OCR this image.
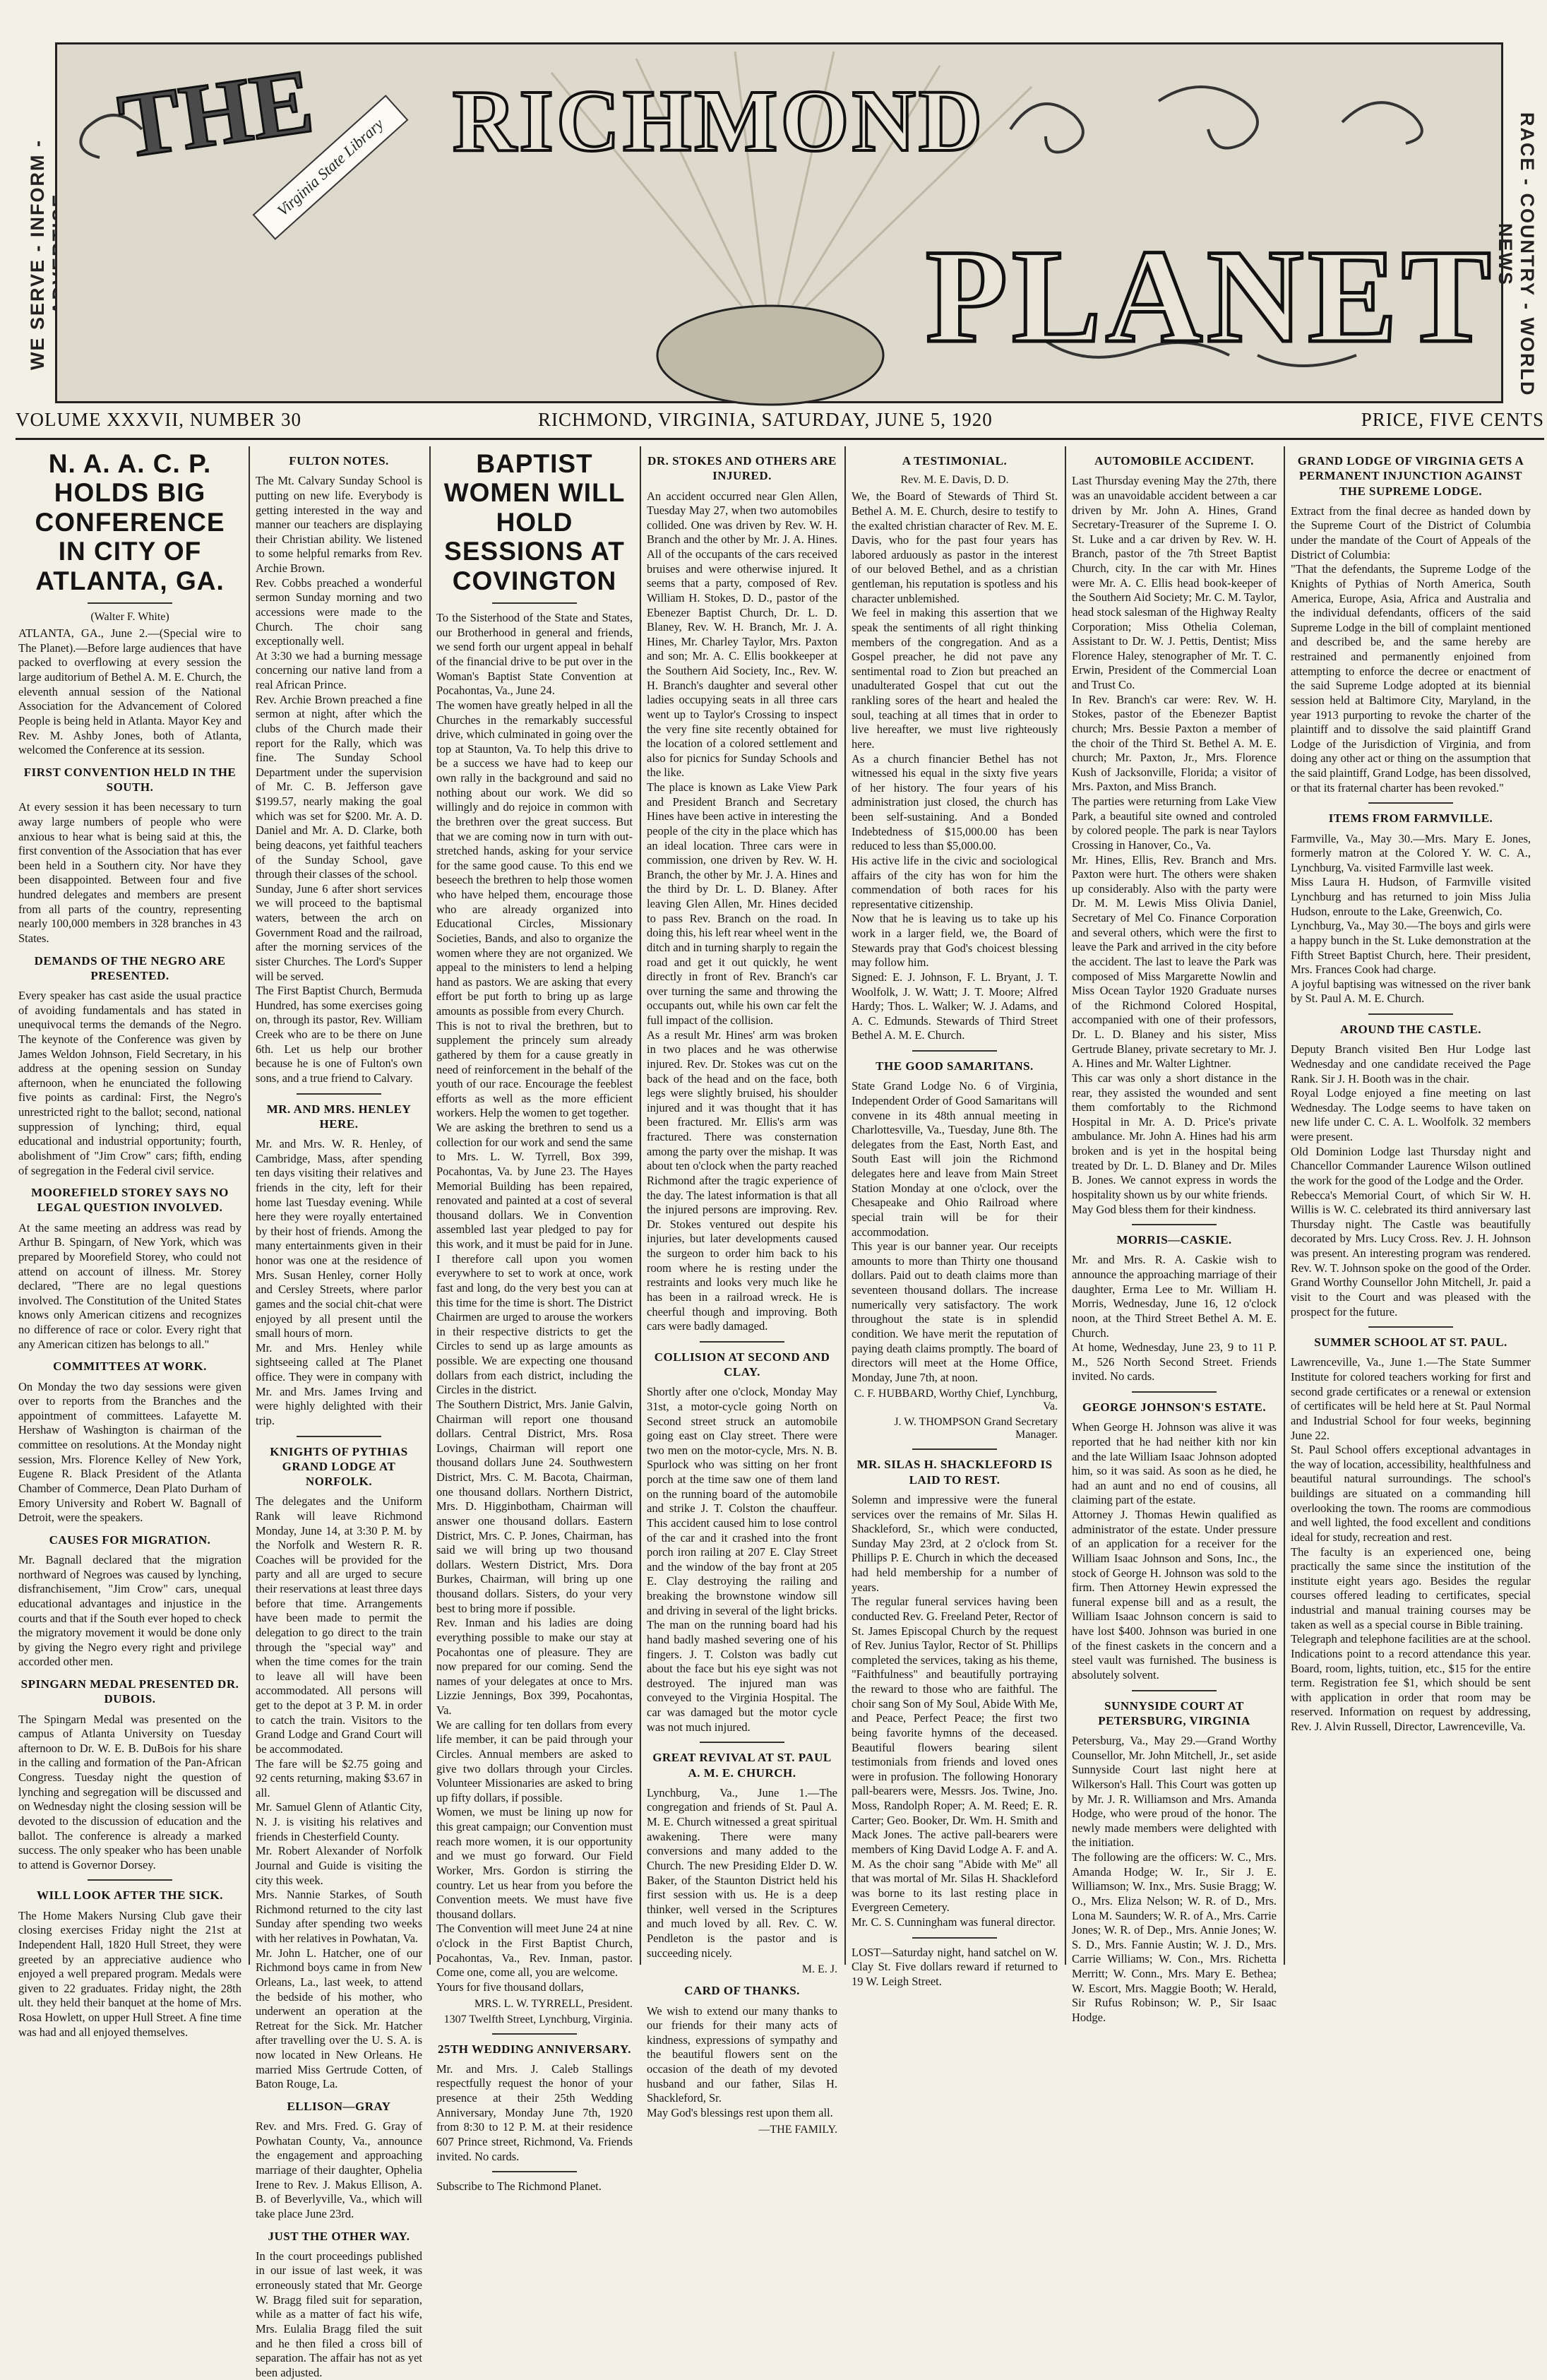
WE SERVE - INFORM - THE RICHMOND
PLANET
Virginia State Library	RACE - COUNTRY - WORLD NEWS
VOLUME XXXVII, NUMBER 30	RICHMOND, VIRGINIA, SATURDAY, JUNE 5, 1920	PRICE, FIVE CENTS
N. A. A. C. P. HOLDS BIG CONFERENCE IN CITY OF ATLANTA, GA.
(Walter F. White)

ATLANTA, GA., June 2.—(Special wire to The Planet).—Before large audiences that have packed to overflowing at every session the large auditorium of Bethel A. M. E. Church, the eleventh annual session of the National Association for the Advancement of Colored People is being held in Atlanta. Mayor Key and Rev. M. Ashby Jones, both of Atlanta, welcomed the Conference at its session.

FIRST CONVENTION HELD IN THE SOUTH.

At every session it has been necessary to turn away large numbers of people who were anxious to hear what is being said at this, the first convention of the Association that has ever been held in a Southern city. Nor have they been disappointed. Between four and five hundred delegates and members are present from all parts of the country, representing nearly 100,000 members in 328 branches in 43 States.

DEMANDS OF THE NEGRO ARE PRESENTED.

Every speaker has cast aside the usual practice of avoiding fundamentals and has stated in unequivocal terms the demands of the Negro. The keynote of the Conference was given by James Weldon Johnson, Field Secretary, in his address at the opening session on Sunday afternoon, when he enunciated the following five points as cardinal: First, the Negro's unrestricted right to the ballot; second, national suppression of lynching; third, equal educational and industrial opportunity; fourth, abolishment of "Jim Crow" cars; fifth, ending of segregation in the Federal civil service.

MOOREFIELD STOREY SAYS NO LEGAL QUESTION INVOLVED.

At the same meeting an address was read by Arthur B. Spingarn, of New York, which was prepared by Moorefield Storey, who could not attend on account of illness. Mr. Storey declared, "There are no legal questions involved. The Constitution of the United States knows only American citizens and recognizes no difference of race or color. Every right that any American citizen has belongs to all."

COMMITTEES AT WORK.

On Monday the two day sessions were given over to reports from the Branches and the appointment of committees. Lafayette M. Hershaw of Washington is chairman of the committee on resolutions. At the Monday night session, Mrs. Florence Kelley of New York, Eugene R. Black President of the Atlanta Chamber of Commerce, Dean Plato Durham of Emory University and Robert W. Bagnall of Detroit, were the speakers.

CAUSES FOR MIGRATION.

Mr. Bagnall declared that the migration northward of Negroes was caused by lynching, disfranchisement, "Jim Crow" cars, unequal educational advantages and injustice in the courts and that if the South ever hoped to check the migratory movement it would be done only by giving the Negro every right and privilege accorded other men.

SPINGARN MEDAL PRESENTED DR. DUBOIS.

The Spingarn Medal was presented on the campus of Atlanta University on Tuesday afternoon to Dr. W. E. B. DuBois for his share in the calling and formation of the Pan-African Congress. Tuesday night the question of lynching and segregation will be discussed and on Wednesday night the closing session will be devoted to the discussion of education and the ballot. The conference is already a marked success. The only speaker who has been unable to attend is Governor Dorsey.

WILL LOOK AFTER THE SICK.

The Home Makers Nursing Club gave their closing exercises Friday night the 21st at Independent Hall, 1820 Hull Street, they were greeted by an appreciative audience who enjoyed a well prepared program. Medals were given to 22 graduates. Friday night, the 28th ult. they held their banquet at the home of Mrs. Rosa Howlett, on upper Hull Street. A fine time was had and all enjoyed themselves.

FULTON NOTES.

The Mt. Calvary Sunday School is putting on new life. Everybody is getting interested in the way and manner our teachers are displaying their Christian ability. We listened to some helpful remarks from Rev. Archie Brown.

Rev. Cobbs preached a wonderful sermon Sunday morning and two accessions were made to the Church. The choir sang exceptionally well.

At 3:30 we had a burning message concerning our native land from a real African Prince.

Rev. Archie Brown preached a fine sermon at night, after which the clubs of the Church made their report for the Rally, which was fine. The Sunday School Department under the supervision of Mr. C. B. Jefferson gave $199.57, nearly making the goal which was set for $200. Mr. A. D. Daniel and Mr. A. D. Clarke, both being deacons, yet faithful teachers of the Sunday School, gave through their classes of the school.

Sunday, June 6 after short services we will proceed to the baptismal waters, between the arch on Government Road and the railroad, after the morning services of the sister Churches. The Lord's Supper will be served.

The First Baptist Church, Bermuda Hundred, has some exercises going on, through its pastor, Rev. William Creek who are to be there on June 6th. Let us help our brother because he is one of Fulton's own sons, and a true friend to Calvary.

MR. AND MRS. HENLEY HERE.

Mr. and Mrs. W. R. Henley, of Cambridge, Mass, after spending ten days visiting their relatives and friends in the city, left for their home last Tuesday evening. While here they were royally entertained by their host of friends. Among the many entertainments given in their honor was one at the residence of Mrs. Susan Henley, corner Holly and Cersley Streets, where parlor games and the social chit-chat were enjoyed by all present until the small hours of morn.

Mr. and Mrs. Henley while sightseeing called at The Planet office. They were in company with Mr. and Mrs. James Irving and were highly delighted with their trip.

KNIGHTS OF PYTHIAS GRAND LODGE AT NORFOLK.

The delegates and the Uniform Rank will leave Richmond Monday, June 14, at 3:30 P. M. by the Norfolk and Western R. R. Coaches will be provided for the party and all are urged to secure their reservations at least three days before that time. Arrangements have been made to permit the delegation to go direct to the train through the "special way" and when the time comes for the train to leave all will have been accommodated. All persons will get to the depot at 3 P. M. in order to catch the train. Visitors to the Grand Lodge and Grand Court will be accommodated.

The fare will be $2.75 going and 92 cents returning, making $3.67 in all.

Mr. Samuel Glenn of Atlantic City, N. J. is visiting his relatives and friends in Chesterfield County.

Mr. Robert Alexander of Norfolk Journal and Guide is visiting the city this week.

Mrs. Nannie Starkes, of South Richmond returned to the city last Sunday after spending two weeks with her relatives in Powhatan, Va.

Mr. John L. Hatcher, one of our Richmond boys came in from New Orleans, La., last week, to attend the bedside of his mother, who underwent an operation at the Retreat for the Sick. Mr. Hatcher after travelling over the U. S. A. is now located in New Orleans. He married Miss Gertrude Cotten, of Baton Rouge, La.

ELLISON—GRAY

Rev. and Mrs. Fred. G. Gray of Powhatan County, Va., announce the engagement and approaching marriage of their daughter, Ophelia Irene to Rev. J. Makus Ellison, A. B. of Beverlyville, Va., which will take place June 23rd.

JUST THE OTHER WAY.

In the court proceedings published in our issue of last week, it was erroneously stated that Mr. George W. Bragg filed suit for separation, while as a matter of fact his wife, Mrs. Eulalia Bragg filed the suit and he then filed a cross bill of separation. The affair has not as yet been adjusted.

BAPTIST WOMEN WILL HOLD SESSIONS AT COVINGTON

To the Sisterhood of the State and States, our Brotherhood in general and friends, we send forth our urgent appeal in behalf of the financial drive to be put over in the Woman's Baptist State Convention at Pocahontas, Va., June 24.

The women have greatly helped in all the Churches in the remarkably successful drive, which culminated in going over the top at Staunton, Va. To help this drive to be a success we have had to keep our own rally in the background and said no nothing about our work. We did so willingly and do rejoice in common with the brethren over the great success. But that we are coming now in turn with out-stretched hands, asking for your service for the same good cause. To this end we beseech the brethren to help those women who have helped them, encourage those who are already organized into Educational Circles, Missionary Societies, Bands, and also to organize the women where they are not organized. We appeal to the ministers to lend a helping hand as pastors. We are asking that every effort be put forth to bring up as large amounts as possible from every Church.

This is not to rival the brethren, but to supplement the princely sum already gathered by them for a cause greatly in need of reinforcement in the behalf of the youth of our race. Encourage the feeblest efforts as well as the more efficient workers. Help the women to get together.

We are asking the brethren to send us a collection for our work and send the same to Mrs. L. W. Tyrrell, Box 399, Pocahontas, Va. by June 23. The Hayes Memorial Building has been repaired, renovated and painted at a cost of several thousand dollars. We in Convention assembled last year pledged to pay for this work, and it must be paid for in June. I therefore call upon you women everywhere to set to work at once, work fast and long, do the very best you can at this time for the time is short. The District Chairmen are urged to arouse the workers in their respective districts to get the Circles to send up as large amounts as possible. We are expecting one thousand dollars from each district, including the Circles in the district.

The Southern District, Mrs. Janie Galvin, Chairman will report one thousand dollars. Central District, Mrs. Rosa Lovings, Chairman will report one thousand dollars June 24. Southwestern District, Mrs. C. M. Bacota, Chairman, one thousand dollars. Northern District, Mrs. D. Higginbotham, Chairman will answer one thousand dollars. Eastern District, Mrs. C. P. Jones, Chairman, has said we will bring up two thousand dollars. Western District, Mrs. Dora Burkes, Chairman, will bring up one thousand dollars. Sisters, do your very best to bring more if possible.

Rev. Inman and his ladies are doing everything possible to make our stay at Pocahontas one of pleasure. They are now prepared for our coming. Send the names of your delegates at once to Mrs. Lizzie Jennings, Box 399, Pocahontas, Va.

We are calling for ten dollars from every life member, it can be paid through your Circles. Annual members are asked to give two dollars through your Circles. Volunteer Missionaries are asked to bring up fifty dollars, if possible.

Women, we must be lining up now for this great campaign; our Convention must reach more women, it is our opportunity and we must go forward. Our Field Worker, Mrs. Gordon is stirring the country. Let us hear from you before the Convention meets. We must have five thousand dollars.

The Convention will meet June 24 at nine o'clock in the First Baptist Church, Pocahontas, Va., Rev. Inman, pastor. Come one, come all, you are welcome.

Yours for five thousand dollars,

MRS. L. W. TYRRELL, President.
1307 Twelfth Street, Lynchburg, Virginia.
25TH WEDDING ANNIVERSARY.

Mr. and Mrs. J. Caleb Stallings respectfully request the honor of your presence at their 25th Wedding Anniversary, Monday June 7th, 1920 from 8:30 to 12 P. M. at their residence 607 Prince street, Richmond, Va. Friends invited. No cards.

Subscribe to The Richmond Planet.

DR. STOKES AND OTHERS ARE INJURED.

An accident occurred near Glen Allen, Tuesday May 27, when two automobiles collided. One was driven by Rev. W. H. Branch and the other by Mr. J. A. Hines. All of the occupants of the cars received bruises and were otherwise injured. It seems that a party, composed of Rev. William H. Stokes, D. D., pastor of the Ebenezer Baptist Church, Dr. L. D. Blaney, Rev. W. H. Branch, Mr. J. A. Hines, Mr. Charley Taylor, Mrs. Paxton and son; Mr. A. C. Ellis bookkeeper at the Southern Aid Society, Inc., Rev. W. H. Branch's daughter and several other ladies occupying seats in all three cars went up to Taylor's Crossing to inspect the very fine site recently obtained for the location of a colored settlement and also for picnics for Sunday Schools and the like.

The place is known as Lake View Park and President Branch and Secretary Hines have been active in interesting the people of the city in the place which has an ideal location. Three cars were in commission, one driven by Rev. W. H. Branch, the other by Mr. J. A. Hines and the third by Dr. L. D. Blaney. After leaving Glen Allen, Mr. Hines decided to pass Rev. Branch on the road. In doing this, his left rear wheel went in the ditch and in turning sharply to regain the road and get it out quickly, he went directly in front of Rev. Branch's car over turning the same and throwing the occupants out, while his own car felt the full impact of the collision.

As a result Mr. Hines' arm was broken in two places and he was otherwise injured. Rev. Dr. Stokes was cut on the back of the head and on the face, both legs were slightly bruised, his shoulder injured and it was thought that it has been fractured. Mr. Ellis's arm was fractured. There was consternation among the party over the mishap. It was about ten o'clock when the party reached Richmond after the tragic experience of the day. The latest information is that all the injured persons are improving. Rev. Dr. Stokes ventured out despite his injuries, but later developments caused the surgeon to order him back to his room where he is resting under the restraints and looks very much like he has been in a railroad wreck. He is cheerful though and improving. Both cars were badly damaged.

COLLISION AT SECOND AND CLAY.

Shortly after one o'clock, Monday May 31st, a motor-cycle going North on Second street struck an automobile going east on Clay street. There were two men on the motor-cycle, Mrs. N. B. Spurlock who was sitting on her front porch at the time saw one of them land on the running board of the automobile and strike J. T. Colston the chauffeur. This accident caused him to lose control of the car and it crashed into the front porch iron railing at 207 E. Clay Street and the window of the bay front at 205 E. Clay destroying the railing and breaking the brownstone window sill and driving in several of the light bricks. The man on the running board had his hand badly mashed severing one of his fingers. J. T. Colston was badly cut about the face but his eye sight was not destroyed. The injured man was conveyed to the Virginia Hospital. The car was damaged but the motor cycle was not much injured.

GREAT REVIVAL AT ST. PAUL A. M. E. CHURCH.

Lynchburg, Va., June 1.—The congregation and friends of St. Paul A. M. E. Church witnessed a great spiritual awakening. There were many conversions and many added to the Church. The new Presiding Elder D. W. Baker, of the Staunton District held his first session with us. He is a deep thinker, well versed in the Scriptures and much loved by all. Rev. C. W. Pendleton is the pastor and is succeeding nicely.

M. E. J.
CARD OF THANKS.

We wish to extend our many thanks to our friends for their many acts of kindness, expressions of sympathy and the beautiful flowers sent on the occasion of the death of my devoted husband and our father, Silas H. Shackleford, Sr.

May God's blessings rest upon them all.

—THE FAMILY.
A TESTIMONIAL.
Rev. M. E. Davis, D. D.

We, the Board of Stewards of Third St. Bethel A. M. E. Church, desire to testify to the exalted christian character of Rev. M. E. Davis, who for the past four years has labored arduously as pastor in the interest of our beloved Bethel, and as a christian gentleman, his reputation is spotless and his character unblemished.

We feel in making this assertion that we speak the sentiments of all right thinking members of the congregation. And as a Gospel preacher, he did not pave any sentimental road to Zion but preached an unadulterated Gospel that cut out the rankling sores of the heart and healed the soul, teaching at all times that in order to live hereafter, we must live righteously here.

As a church financier Bethel has not witnessed his equal in the sixty five years of her history. The four years of his administration just closed, the church has been self-sustaining. And a Bonded Indebtedness of $15,000.00 has been reduced to less than $5,000.00.

His active life in the civic and sociological affairs of the city has won for him the commendation of both races for his representative citizenship.

Now that he is leaving us to take up his work in a larger field, we, the Board of Stewards pray that God's choicest blessing may follow him.

Signed: E. J. Johnson, F. L. Bryant, J. T. Woolfolk, J. W. Watt; J. T. Moore; Alfred Hardy; Thos. L. Walker; W. J. Adams, and A. C. Edmunds. Stewards of Third Street Bethel A. M. E. Church.

THE GOOD SAMARITANS.

State Grand Lodge No. 6 of Virginia, Independent Order of Good Samaritans will convene in its 48th annual meeting in Charlottesville, Va., Tuesday, June 8th. The delegates from the East, North East, and South East will join the Richmond delegates here and leave from Main Street Station Monday at one o'clock, over the Chesapeake and Ohio Railroad where special train will be for their accommodation.

This year is our banner year. Our receipts amounts to more than Thirty one thousand dollars. Paid out to death claims more than seventeen thousand dollars. The increase numerically very satisfactory. The work throughout the state is in splendid condition. We have merit the reputation of paying death claims promptly. The board of directors will meet at the Home Office, Monday, June 7th, at noon.

C. F. HUBBARD, Worthy Chief, Lynchburg, Va.
J. W. THOMPSON Grand Secretary Manager.
MR. SILAS H. SHACKLEFORD IS LAID TO REST.

Solemn and impressive were the funeral services over the remains of Mr. Silas H. Shackleford, Sr., which were conducted, Sunday May 23rd, at 2 o'clock from St. Phillips P. E. Church in which the deceased had held membership for a number of years.

The regular funeral services having been conducted Rev. G. Freeland Peter, Rector of St. James Episcopal Church by the request of Rev. Junius Taylor, Rector of St. Phillips completed the services, taking as his theme, "Faithfulness" and beautifully portraying the reward to those who are faithful. The choir sang Son of My Soul, Abide With Me, and Peace, Perfect Peace; the first two being favorite hymns of the deceased. Beautiful flowers bearing silent testimonials from friends and loved ones were in profusion. The following Honorary pall-bearers were, Messrs. Jos. Twine, Jno. Moss, Randolph Roper; A. M. Reed; E. R. Carter; Geo. Booker, Dr. Wm. H. Smith and Mack Jones. The active pall-bearers were members of King David Lodge A. F. and A. M. As the choir sang "Abide with Me" all that was mortal of Mr. Silas H. Shackleford was borne to its last resting place in Evergreen Cemetery.

Mr. C. S. Cunningham was funeral director.

LOST—Saturday night, hand satchel on W. Clay St. Five dollars reward if returned to 19 W. Leigh Street.

AUTOMOBILE ACCIDENT.

Last Thursday evening May the 27th, there was an unavoidable accident between a car driven by Mr. John A. Hines, Grand Secretary-Treasurer of the Supreme I. O. St. Luke and a car driven by Rev. W. H. Branch, pastor of the 7th Street Baptist Church, city. In the car with Mr. Hines were Mr. A. C. Ellis head book-keeper of the Southern Aid Society; Mr. C. M. Taylor, head stock salesman of the Highway Realty Corporation; Miss Othelia Coleman, Assistant to Dr. W. J. Pettis, Dentist; Miss Florence Haley, stenographer of Mr. T. C. Erwin, President of the Commercial Loan and Trust Co.

In Rev. Branch's car were: Rev. W. H. Stokes, pastor of the Ebenezer Baptist church; Mrs. Bessie Paxton a member of the choir of the Third St. Bethel A. M. E. church; Mr. Paxton, Jr., Mrs. Florence Kush of Jacksonville, Florida; a visitor of Mrs. Paxton, and Miss Branch.

The parties were returning from Lake View Park, a beautiful site owned and controled by colored people. The park is near Taylors Crossing in Hanover, Co., Va.

Mr. Hines, Ellis, Rev. Branch and Mrs. Paxton were hurt. The others were shaken up considerably. Also with the party were Dr. M. M. Lewis Miss Olivia Daniel, Secretary of Mel Co. Finance Corporation and several others, which were the first to leave the Park and arrived in the city before the accident. The last to leave the Park was composed of Miss Margarette Nowlin and Miss Ocean Taylor 1920 Graduate nurses of the Richmond Colored Hospital, accompanied with one of their professors, Dr. L. D. Blaney and his sister, Miss Gertrude Blaney, private secretary to Mr. J. A. Hines and Mr. Walter Lightner.

This car was only a short distance in the rear, they assisted the wounded and sent them comfortably to the Richmond Hospital in Mr. A. D. Price's private ambulance. Mr. John A. Hines had his arm broken and is yet in the hospital being treated by Dr. L. D. Blaney and Dr. Miles B. Jones. We cannot express in words the hospitality shown us by our white friends.

May God bless them for their kindness.

MORRIS—CASKIE.

Mr. and Mrs. R. A. Caskie wish to announce the approaching marriage of their daughter, Erma Lee to Mr. William H. Morris, Wednesday, June 16, 12 o'clock noon, at the Third Street Bethel A. M. E. Church.

At home, Wednesday, June 23, 9 to 11 P. M., 526 North Second Street. Friends invited. No cards.

GEORGE JOHNSON'S ESTATE.

When George H. Johnson was alive it was reported that he had neither kith nor kin and the late William Isaac Johnson adopted him, so it was said. As soon as he died, he had an aunt and no end of cousins, all claiming part of the estate.

Attorney J. Thomas Hewin qualified as administrator of the estate. Under pressure of an application for a receiver for the William Isaac Johnson and Sons, Inc., the stock of George H. Johnson was sold to the firm. Then Attorney Hewin expressed the funeral expense bill and as a result, the William Isaac Johnson concern is said to have lost $400. Johnson was buried in one of the finest caskets in the concern and a steel vault was furnished. The business is absolutely solvent.

SUNNYSIDE COURT AT PETERSBURG, VIRGINIA

Petersburg, Va., May 29.—Grand Worthy Counsellor, Mr. John Mitchell, Jr., set aside Sunnyside Court last night here at Wilkerson's Hall. This Court was gotten up by Mr. J. R. Williamson and Mrs. Amanda Hodge, who were proud of the honor. The newly made members were delighted with the initiation.

The following are the officers: W. C., Mrs. Amanda Hodge; W. Ir., Sir J. E. Williamson; W. Inx., Mrs. Susie Bragg; W. O., Mrs. Eliza Nelson; W. R. of D., Mrs. Lona M. Saunders; W. R. of A., Mrs. Carrie Jones; W. R. of Dep., Mrs. Annie Jones; W. S. D., Mrs. Fannie Austin; W. J. D., Mrs. Carrie Williams; W. Con., Mrs. Richetta Merritt; W. Conn., Mrs. Mary E. Bethea; W. Escort, Mrs. Maggie Booth; W. Herald, Sir Rufus Robinson; W. P., Sir Isaac Hodge.

GRAND LODGE OF VIRGINIA GETS A PERMANENT INJUNCTION AGAINST THE SUPREME LODGE.

Extract from the final decree as handed down by the Supreme Court of the District of Columbia under the mandate of the Court of Appeals of the District of Columbia:

"That the defendants, the Supreme Lodge of the Knights of Pythias of North America, South America, Europe, Asia, Africa and Australia and the individual defendants, officers of the said Supreme Lodge in the bill of complaint mentioned and described be, and the same hereby are restrained and permanently enjoined from attempting to enforce the decree or enactment of the said Supreme Lodge adopted at its biennial session held at Baltimore City, Maryland, in the year 1913 purporting to revoke the charter of the plaintiff and to dissolve the said plaintiff Grand Lodge of the Jurisdiction of Virginia, and from doing any other act or thing on the assumption that the said plaintiff, Grand Lodge, has been dissolved, or that its fraternal charter has been revoked."

ITEMS FROM FARMVILLE.

Farmville, Va., May 30.—Mrs. Mary E. Jones, formerly matron at the Colored Y. W. C. A., Lynchburg, Va. visited Farmville last week.

Miss Laura H. Hudson, of Farmville visited Lynchburg and has returned to join Miss Julia Hudson, enroute to the Lake, Greenwich, Co.

Lynchburg, Va., May 30.—The boys and girls were a happy bunch in the St. Luke demonstration at the Fifth Street Baptist Church, here. Their president, Mrs. Frances Cook had charge.

A joyful baptising was witnessed on the river bank by St. Paul A. M. E. Church.

AROUND THE CASTLE.

Deputy Branch visited Ben Hur Lodge last Wednesday and one candidate received the Page Rank. Sir J. H. Booth was in the chair.

Royal Lodge enjoyed a fine meeting on last Wednesday. The Lodge seems to have taken on new life under C. C. A. L. Woolfolk. 32 members were present.

Old Dominion Lodge last Thursday night and Chancellor Commander Laurence Wilson outlined the work for the good of the Lodge and the Order.

Rebecca's Memorial Court, of which Sir W. H. Willis is W. C. celebrated its third anniversary last Thursday night. The Castle was beautifully decorated by Mrs. Lucy Cross. Rev. J. H. Johnson was present. An interesting program was rendered. Rev. W. T. Johnson spoke on the good of the Order. Grand Worthy Counsellor John Mitchell, Jr. paid a visit to the Court and was pleased with the prospect for the future.

SUMMER SCHOOL AT ST. PAUL.

Lawrenceville, Va., June 1.—The State Summer Institute for colored teachers working for first and second grade certificates or a renewal or extension of certificates will be held here at St. Paul Normal and Industrial School for four weeks, beginning June 22.

St. Paul School offers exceptional advantages in the way of location, accessibility, healthfulness and beautiful natural surroundings. The school's buildings are situated on a commanding hill overlooking the town. The rooms are commodious and well lighted, the food excellent and conditions ideal for study, recreation and rest.

The faculty is an experienced one, being practically the same since the institution of the institute eight years ago. Besides the regular courses offered leading to certificates, special industrial and manual training courses may be taken as well as a special course in Bible training.

Telegraph and telephone facilities are at the school. Indications point to a record attendance this year. Board, room, lights, tuition, etc., $15 for the entire term. Registration fee $1, which should be sent with application in order that room may be reserved. Information on request by addressing, Rev. J. Alvin Russell, Director, Lawrenceville, Va.
